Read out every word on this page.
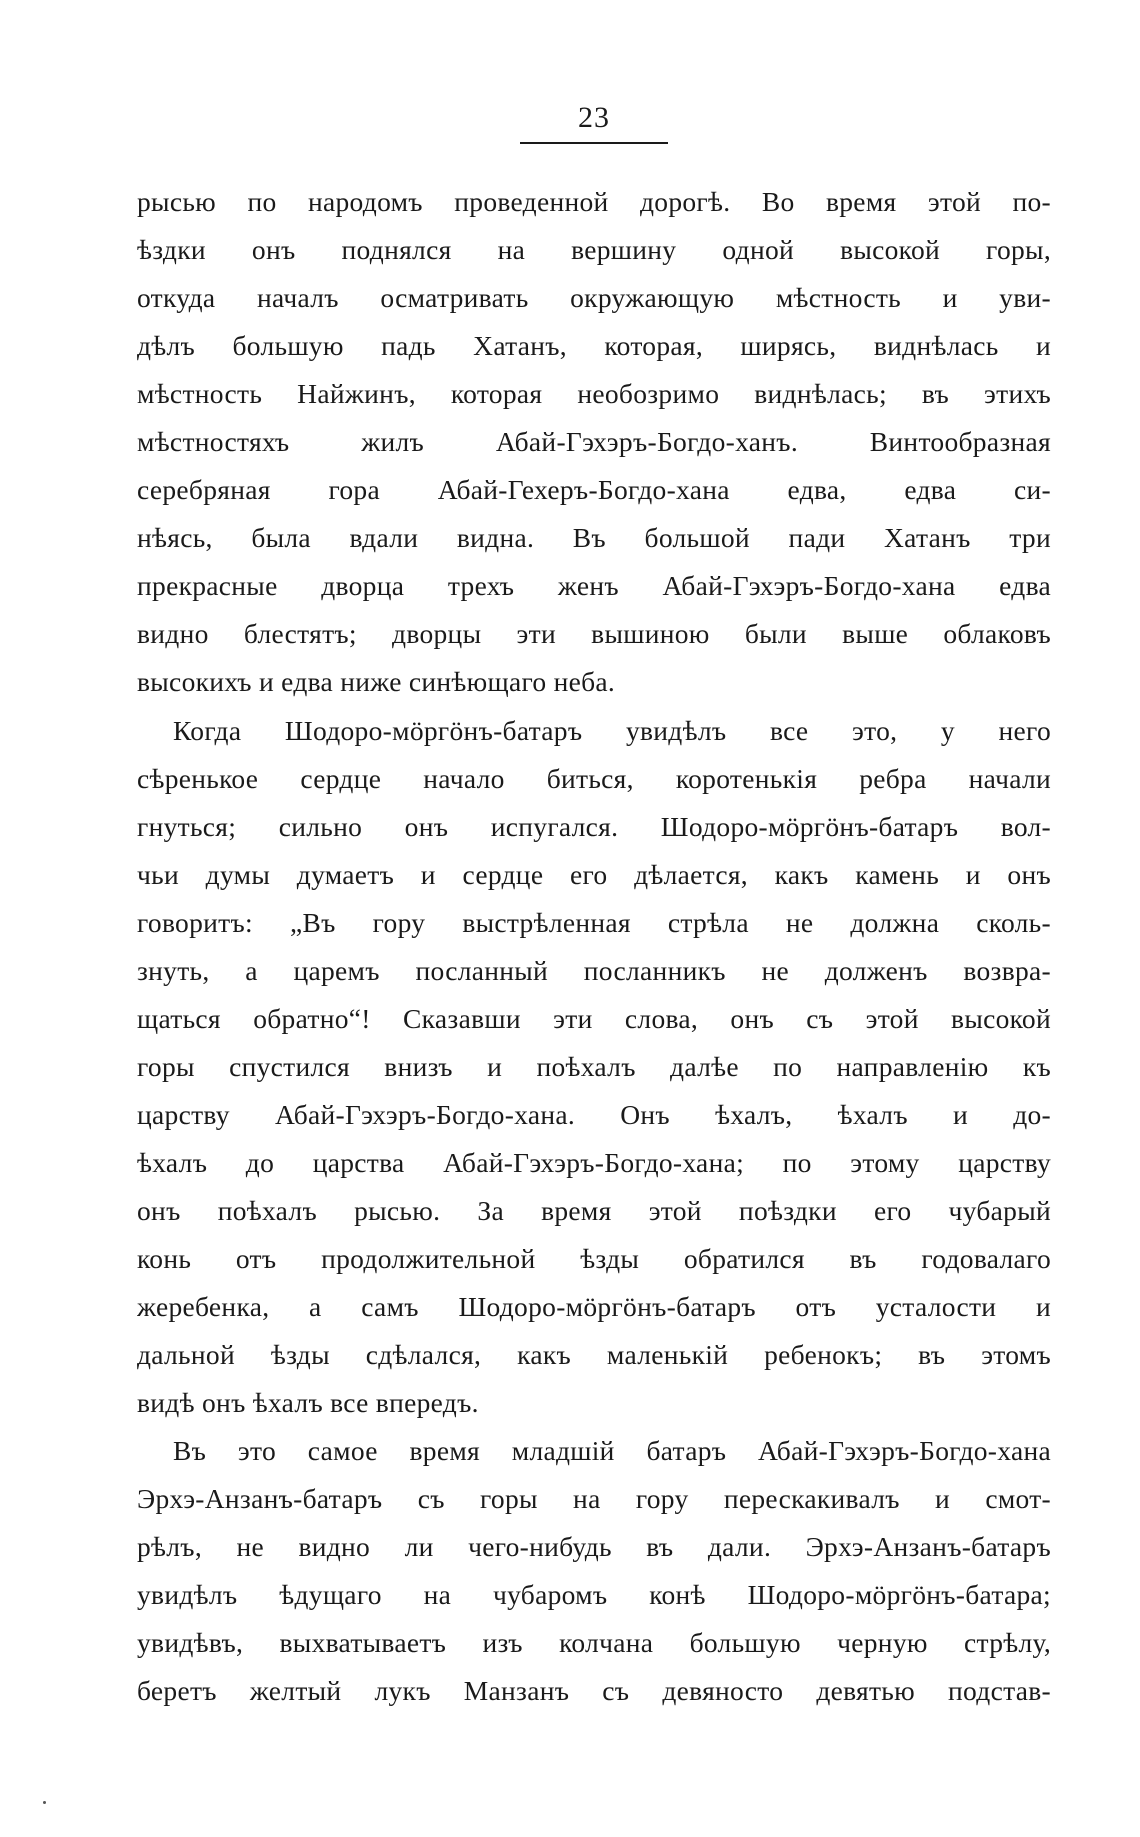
23
рысью по народомъ проведенной дорогѣ. Во время этой по-
ѣздки онъ поднялся на вершину одной высокой горы,
откуда началъ осматривать окружающую мѣстность и уви-
дѣлъ большую падь Хатанъ, которая, ширясь, виднѣлась и
мѣстность Найжинъ, которая необозримо виднѣлась; въ этихъ
мѣстностяхъ жилъ Абай-Гэхэръ-Богдо-ханъ. Винтообразная
серебряная гора Абай-Гехеръ-Богдо-хана едва, едва си-
нѣясь, была вдали видна. Въ большой пади Хатанъ три
прекрасные дворца трехъ женъ Абай-Гэхэръ-Богдо-хана едва
видно блестятъ; дворцы эти вышиною были выше облаковъ
высокихъ и едва ниже синѣющаго неба.
Когда Шодоро-мӧргӧнъ-батаръ увидѣлъ все это, у него
сѣренькое сердце начало биться, коротенькія ребра начали
гнуться; сильно онъ испугался. Шодоро-мӧргӧнъ-батаръ вол-
чьи думы думаетъ и сердце его дѣлается, какъ камень и онъ
говоритъ: „Въ гору выстрѣленная стрѣла не должна сколь-
знуть, а царемъ посланный посланникъ не долженъ возвра-
щаться обратно“! Сказавши эти слова, онъ съ этой высокой
горы спустился внизъ и поѣхалъ далѣе по направленію къ
царству Абай-Гэхэръ-Богдо-хана. Онъ ѣхалъ, ѣхалъ и до-
ѣхалъ до царства Абай-Гэхэръ-Богдо-хана; по этому царству
онъ поѣхалъ рысью. За время этой поѣздки его чубарый
конь отъ продолжительной ѣзды обратился въ годовалаго
жеребенка, а самъ Шодоро-мӧргӧнъ-батаръ отъ усталости и
дальной ѣзды сдѣлался, какъ маленькій ребенокъ; въ этомъ
видѣ онъ ѣхалъ все впередъ.
Въ это самое время младшій батаръ Абай-Гэхэръ-Богдо-хана
Эрхэ-Анзанъ-батаръ съ горы на гору перескакивалъ и смот-
рѣлъ, не видно ли чего-нибудь въ дали. Эрхэ-Анзанъ-батаръ
увидѣлъ ѣдущаго на чубаромъ конѣ Шодоро-мӧргӧнъ-батара;
увидѣвъ, выхватываетъ изъ колчана большую черную стрѣлу,
беретъ желтый лукъ Манзанъ съ девяносто девятью подстав-
